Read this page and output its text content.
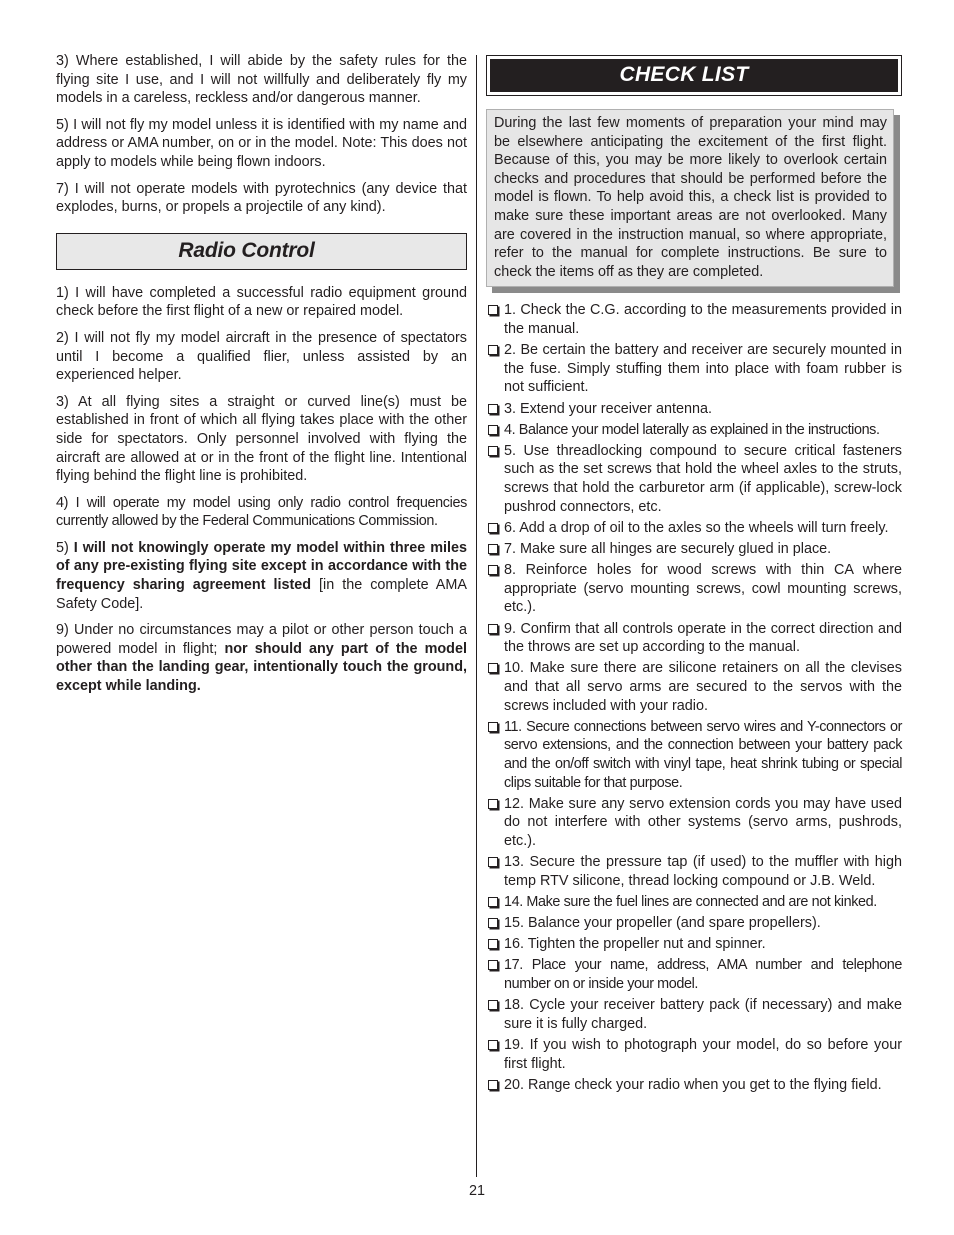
3) Where established, I will abide by the safety rules for the flying site I use, and I will not willfully and deliberately fly my models in a careless, reckless and/or dangerous manner.

5) I will not fly my model unless it is identified with my name and address or AMA number, on or in the model. Note: This does not apply to models while being flown indoors.

7) I will not operate models with pyrotechnics (any device that explodes, burns, or propels a projectile of any kind).

Radio Control

1) I will have completed a successful radio equipment ground check before the first flight of a new or repaired model.

2) I will not fly my model aircraft in the presence of spectators until I become a qualified flier, unless assisted by an experienced helper.

3) At all flying sites a straight or curved line(s) must be established in front of which all flying takes place with the other side for spectators. Only personnel involved with flying the aircraft are allowed at or in the front of the flight line. Intentional flying behind the flight line is prohibited.

4) I will operate my model using only radio control frequencies currently allowed by the Federal Communications Commission.

5) I will not knowingly operate my model within three miles of any pre-existing flying site except in accordance with the frequency sharing agreement listed [in the complete AMA Safety Code].

9) Under no circumstances may a pilot or other person touch a powered model in flight; nor should any part of the model other than the landing gear, intentionally touch the ground, except while landing.

CHECK LIST
During the last few moments of preparation your mind may be elsewhere anticipating the excitement of the first flight. Because of this, you may be more likely to overlook certain checks and procedures that should be performed before the model is flown. To help avoid this, a check list is provided to make sure these important areas are not overlooked. Many are covered in the instruction manual, so where appropriate, refer to the manual for complete instructions. Be sure to check the items off as they are completed.
1. Check the C.G. according to the measurements provided in the manual.
2. Be certain the battery and receiver are securely mounted in the fuse. Simply stuffing them into place with foam rubber is not sufficient.
3. Extend your receiver antenna.
4. Balance your model laterally as explained in the instructions.
5. Use threadlocking compound to secure critical fasteners such as the set screws that hold the wheel axles to the struts, screws that hold the carburetor arm (if applicable), screw-lock pushrod connectors, etc.
6. Add a drop of oil to the axles so the wheels will turn freely.
7. Make sure all hinges are securely glued in place.
8. Reinforce holes for wood screws with thin CA where appropriate (servo mounting screws, cowl mounting screws, etc.).
9. Confirm that all controls operate in the correct direction and the throws are set up according to the manual.
10. Make sure there are silicone retainers on all the clevises and that all servo arms are secured to the servos with the screws included with your radio.
11. Secure connections between servo wires and Y-connectors or servo extensions, and the connection between your battery pack and the on/off switch with vinyl tape, heat shrink tubing or special clips suitable for that purpose.
12. Make sure any servo extension cords you may have used do not interfere with other systems (servo arms, pushrods, etc.).
13. Secure the pressure tap (if used) to the muffler with high temp RTV silicone, thread locking compound or J.B. Weld.
14. Make sure the fuel lines are connected and are not kinked.
15. Balance your propeller (and spare propellers).
16. Tighten the propeller nut and spinner.
17. Place your name, address, AMA number and telephone number on or inside your model.
18. Cycle your receiver battery pack (if necessary) and make sure it is fully charged.
19. If you wish to photograph your model, do so before your first flight.
20. Range check your radio when you get to the flying field.
21
